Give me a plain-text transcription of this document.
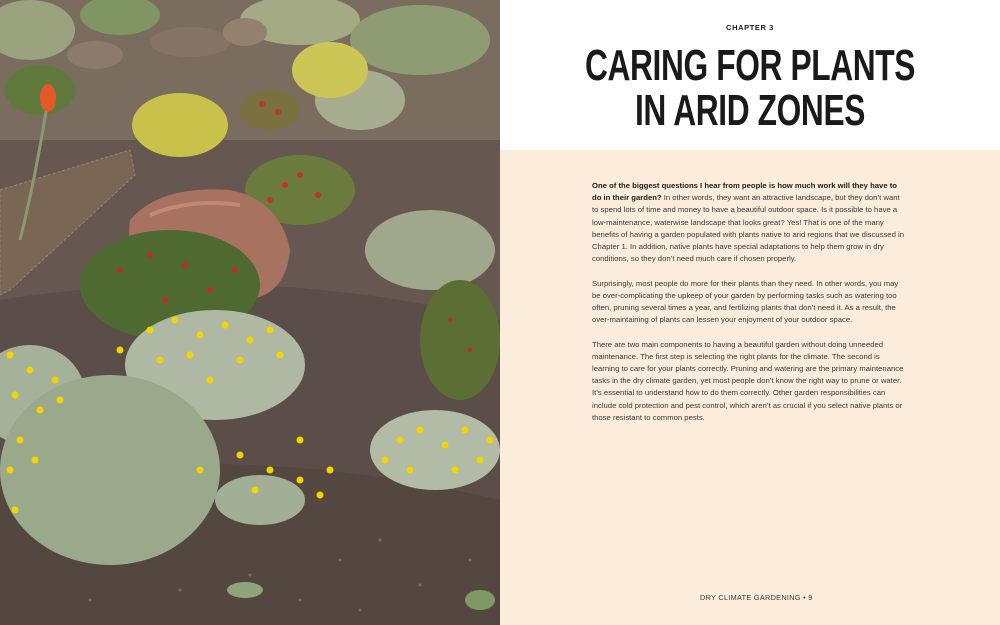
CHAPTER 3

CARING FOR PLANTS
IN ARID ZONES

One of the biggest questions I hear from people is how much work will they have to do in their garden? In other words, they want an attractive landscape, but they don’t want to spend lots of time and money to have a beautiful outdoor space. Is it possible to have a low-maintenance, waterwise landscape that looks great? Yes! That is one of the many benefits of having a garden populated with plants native to arid regions that we discussed in Chapter 1. In addition, native plants have special adaptations to help them grow in dry conditions, so they don’t need much care if chosen properly.

Surprisingly, most people do more for their plants than they need. In other words, you may be over-complicating the upkeep of your garden by performing tasks such as watering too often, pruning several times a year, and fertilizing plants that don’t need it. As a result, the over-maintaining of plants can lessen your enjoyment of your outdoor space.

There are two main components to having a beautiful garden without doing unneeded maintenance. The first step is selecting the right plants for the climate. The second is learning to care for your plants correctly. Pruning and watering are the primary maintenance tasks in the dry climate garden, yet most people don’t know the right way to prune or water. It’s essential to understand how to do them correctly. Other garden responsibilities can include cold protection and pest control, which aren’t as crucial if you select native plants or those resistant to common pests.

DRY CLIMATE GARDENING • 9
